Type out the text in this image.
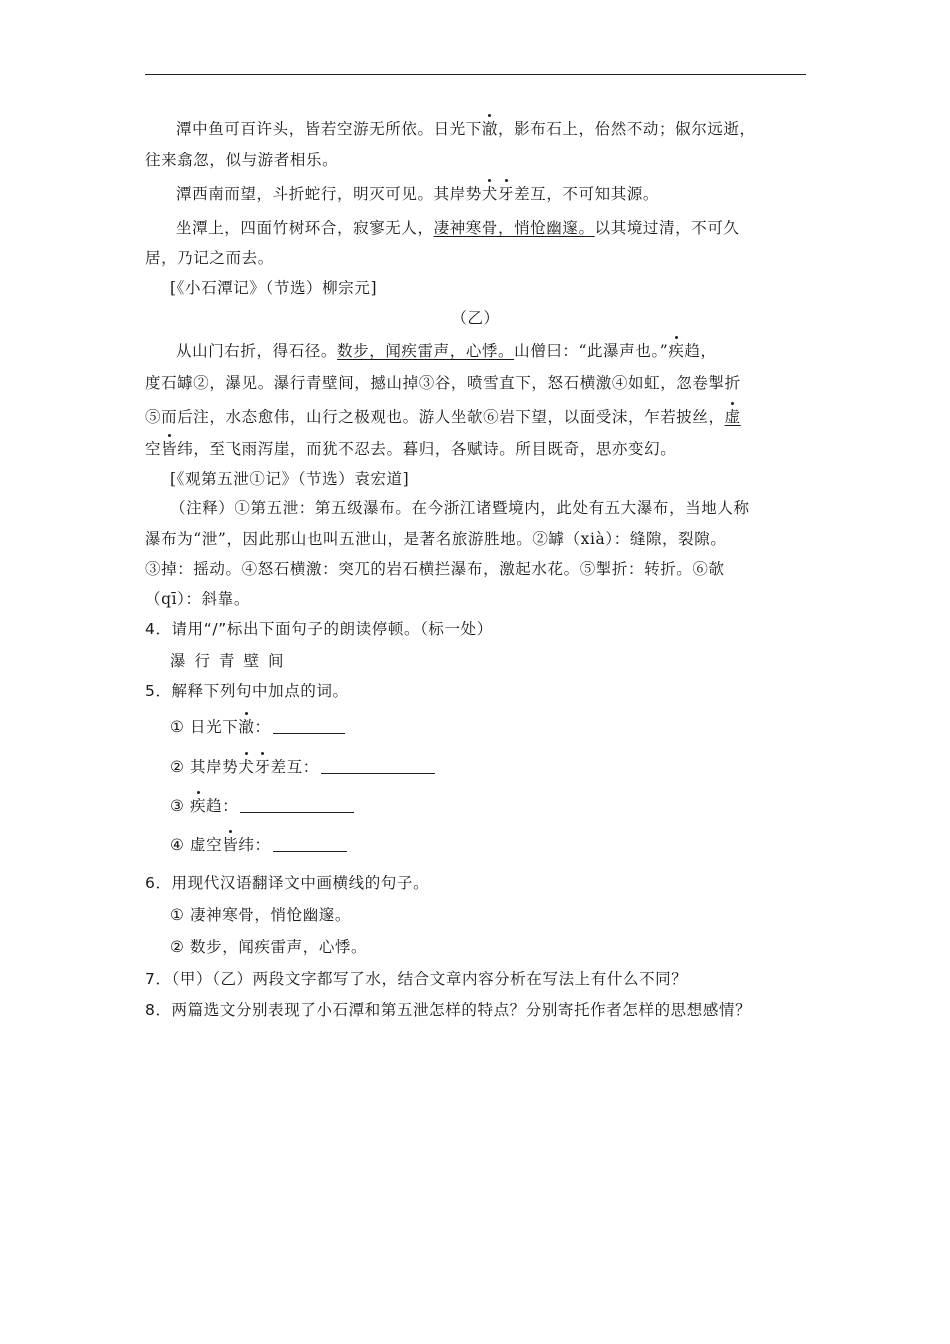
潭中鱼可百许头，皆若空游无所依。日光下澈，影布石上，佁然不动；俶尔远逝，
往来翕忽，似与游者相乐。
潭西南而望，斗折蛇行，明灭可见。其岸势犬牙差互，不可知其源。
坐潭上，四面竹树环合，寂寥无人，凄神寒骨，悄怆幽邃。以其境过清，不可久
居，乃记之而去。
[《小石潭记》（节选）柳宗元]
（乙）
从山门右折，得石径。数步，闻疾雷声，心悸。山僧曰：“此瀑声也。”疾趋，
度石罅②，瀑见。瀑行青壁间，撼山掉③谷，喷雪直下，怒石横激④如虹，忽卷掣折
⑤而后注，水态愈伟，山行之极观也。游人坐欹⑥岩下望，以面受沫，乍若披丝，虚
空皆纬，至飞雨泻崖，而犹不忍去。暮归，各赋诗。所目既奇，思亦变幻。
[《观第五泄①记》（节选）袁宏道]
（注释）①第五泄：第五级瀑布。在今浙江诸暨境内，此处有五大瀑布，当地人称
瀑布为“泄”，因此那山也叫五泄山，是著名旅游胜地。②罅（xià）：缝隙，裂隙。
③掉：摇动。④怒石横激：突兀的岩石横拦瀑布，激起水花。⑤掣折：转折。⑥欹
（qī）：斜靠。
4．请用“/”标出下面句子的朗读停顿。（标一处）
瀑行青壁间
5．解释下列句中加点的词。
① 日光下澈：
② 其岸势犬牙差互：
③ 疾趋：
④ 虚空皆纬：
6．用现代汉语翻译文中画横线的句子。
① 凄神寒骨，悄怆幽邃。
② 数步，闻疾雷声，心悸。
7．（甲）（乙）两段文字都写了水，结合文章内容分析在写法上有什么不同？
8．两篇选文分别表现了小石潭和第五泄怎样的特点？分别寄托作者怎样的思想感情？
